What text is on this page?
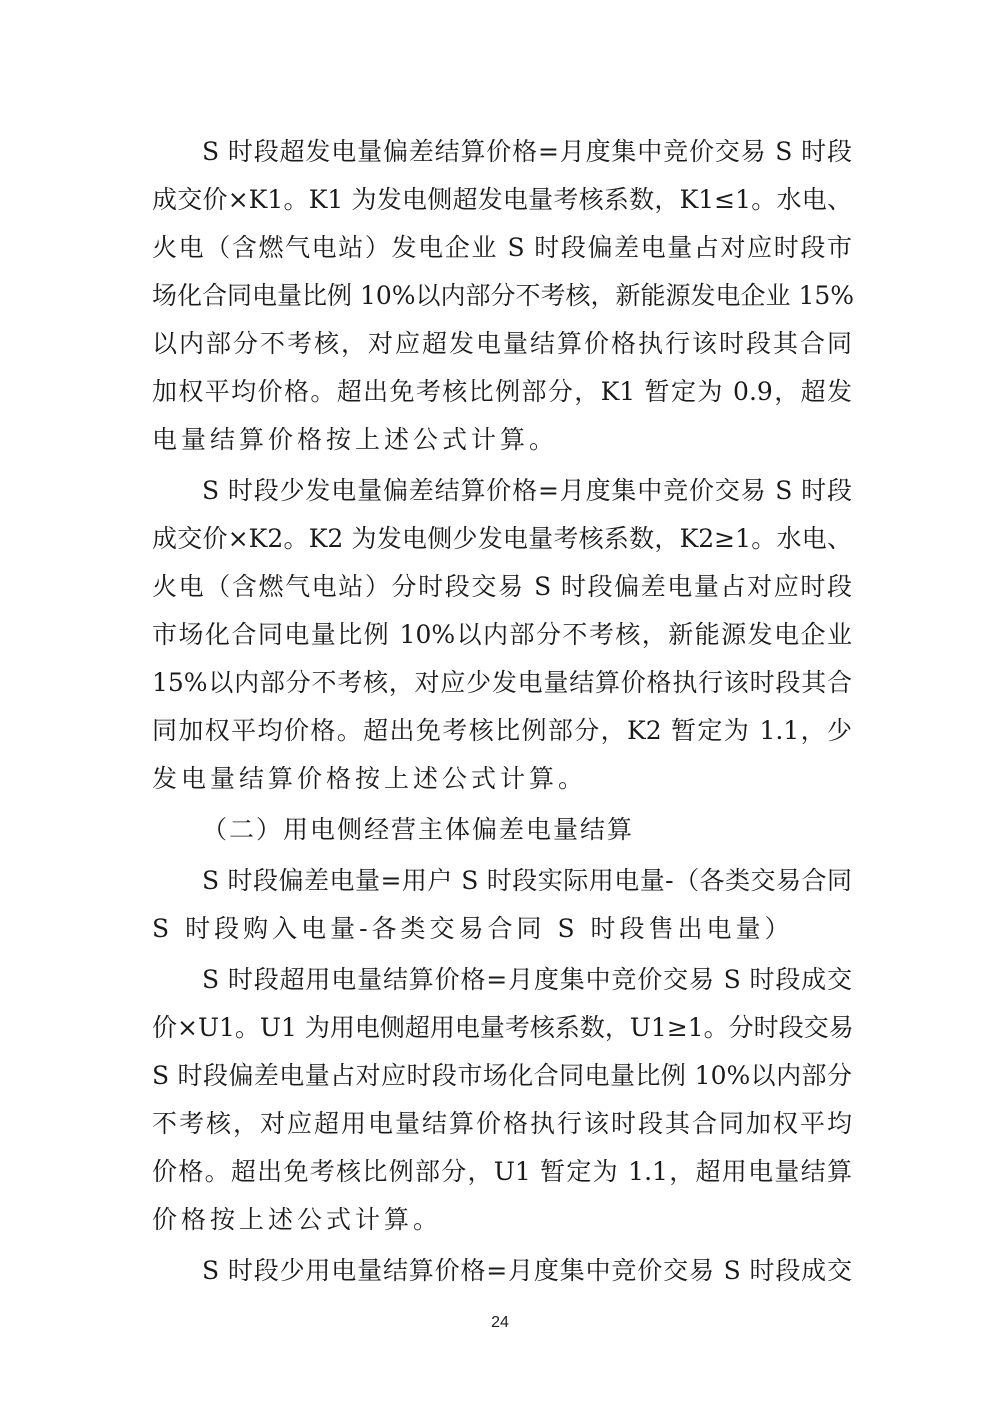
S 时段超发电量偏差结算价格=月度集中竞价交易 S 时段
成交价×K1。K1 为发电侧超发电量考核系数，K1≤1。水电、
火电（含燃气电站）发电企业 S 时段偏差电量占对应时段市
场化合同电量比例 10%以内部分不考核，新能源发电企业 15%
以内部分不考核，对应超发电量结算价格执行该时段其合同
加权平均价格。超出免考核比例部分，K1 暂定为 0.9，超发
电量结算价格按上述公式计算。
S 时段少发电量偏差结算价格=月度集中竞价交易 S 时段
成交价×K2。K2 为发电侧少发电量考核系数，K2≥1。水电、
火电（含燃气电站）分时段交易 S 时段偏差电量占对应时段
市场化合同电量比例 10%以内部分不考核，新能源发电企业
15%以内部分不考核，对应少发电量结算价格执行该时段其合
同加权平均价格。超出免考核比例部分，K2 暂定为 1.1，少
发电量结算价格按上述公式计算。
（二）用电侧经营主体偏差电量结算
S 时段偏差电量=用户 S 时段实际用电量-（各类交易合同
S 时段购入电量-各类交易合同 S 时段售出电量）
S 时段超用电量结算价格=月度集中竞价交易 S 时段成交
价×U1。U1 为用电侧超用电量考核系数，U1≥1。分时段交易
S 时段偏差电量占对应时段市场化合同电量比例 10%以内部分
不考核，对应超用电量结算价格执行该时段其合同加权平均
价格。超出免考核比例部分，U1 暂定为 1.1，超用电量结算
价格按上述公式计算。
S 时段少用电量结算价格=月度集中竞价交易 S 时段成交
24
